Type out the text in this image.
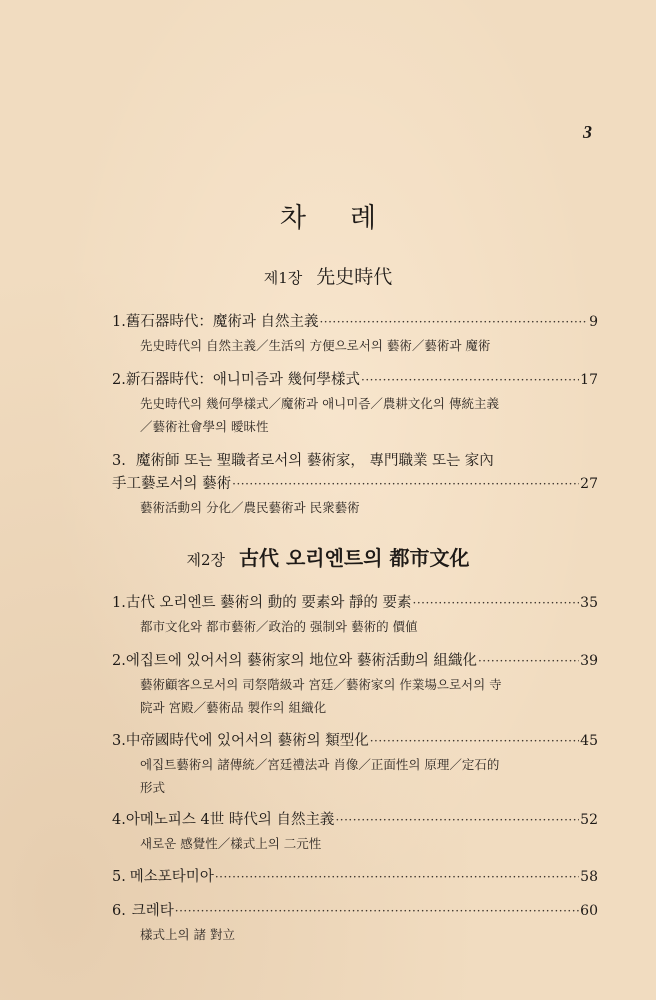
3
차례
제1장 先史時代
1. 舊石器時代：魔術과 自然主義 ·····	9
先史時代의 自然主義／生活의 方便으로서의 藝術／藝術과 魔術
2. 新石器時代：애니미즘과 幾何學樣式 ·····	17
先史時代의 幾何學樣式／魔術과 애니미즘／農耕文化의 傳統主義
／藝術社會學의 曖昧性
3. 魔術師 또는 聖職者로서의 藝術家， 專門職業 또는 家內
手工藝로서의 藝術 ·····	27
藝術活動의 分化／農民藝術과 民衆藝術
제2장 古代 오리엔트의 都市文化
1. 古代 오리엔트 藝術의 動的 要素와 靜的 要素 ·····	35
都市文化와 都市藝術／政治的 强制와 藝術的 價値
2. 에집트에 있어서의 藝術家의 地位와 藝術活動의 組織化 ·····	39
藝術顧客으로서의 司祭階級과 宮廷／藝術家의 作業場으로서의 寺
院과 宮殿／藝術品 製作의 組織化
3. 中帝國時代에 있어서의 藝術의 類型化 ·····	45
에집트藝術의 諸傳統／宮廷禮法과 肖像／正面性의 原理／定石的
形式
4. 아메노피스 4世 時代의 自然主義 ·····	52
새로운 感覺性／樣式上의 二元性
5. 메소포타미아 ·····	58
6. 크레타 ·····	60
樣式上의 諸 對立
